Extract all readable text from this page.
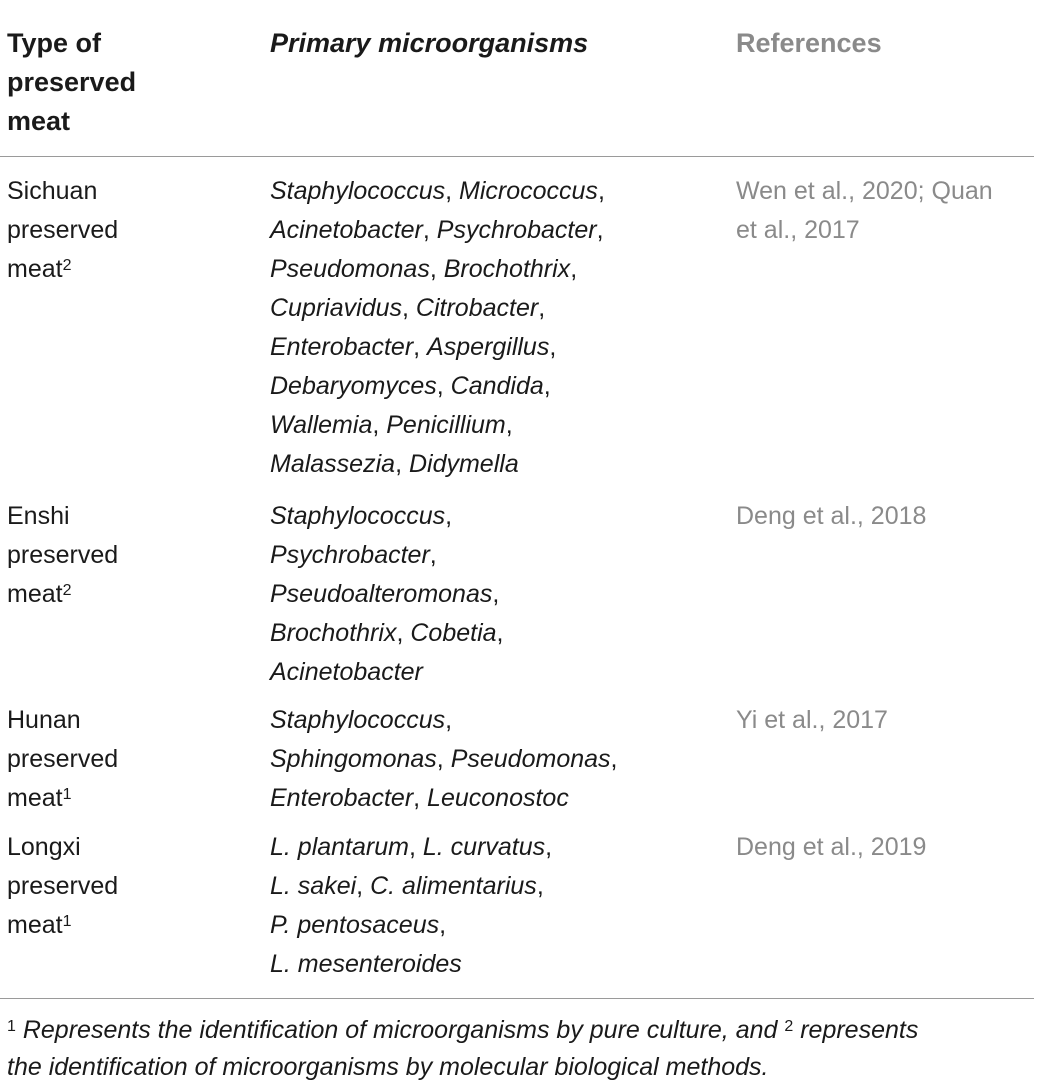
Type of
preserved
meat
Primary microorganisms	References
Sichuan
preserved
meat$^2$
Staphylococcus, Micrococcus,
Acinetobacter, Psychrobacter,
Pseudomonas, Brochothrix,
Cupriavidus, Citrobacter,
Enterobacter, Aspergillus,
Debaryomyces, Candida,
Wallemia, Penicillium,
Malassezia, Didymella
Wen et al., 2020; Quan
et al., 2017
Enshi
preserved
meat$^2$
Staphylococcus,
Psychrobacter,
Pseudoalteromonas,
Brochothrix, Cobetia,
Acinetobacter
Deng et al., 2018
Hunan
preserved
meat$^1$
Staphylococcus,
Sphingomonas, Pseudomonas,
Enterobacter, Leuconostoc
Yi et al., 2017
Longxi
preserved
meat$^1$
L. plantarum, L. curvatus,
L. sakei, C. alimentarius,
P. pentosaceus,
L. mesenteroides
Deng et al., 2019
$^1$ Represents the identification of microorganisms by pure culture, and $^2$ represents
the identification of microorganisms by molecular biological methods.
